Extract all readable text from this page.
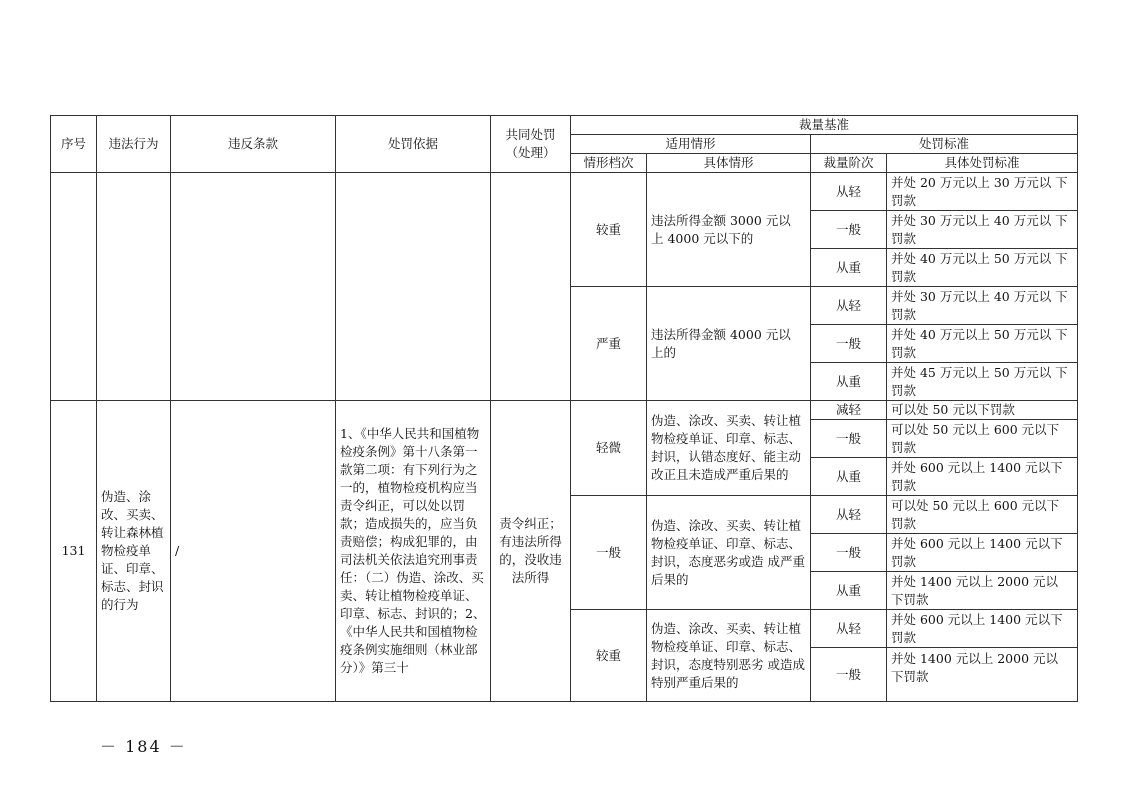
序号	违法行为	违反条款	处罚依据	共同处罚（处理）	裁量基准			
					适用情形		处罚标准	
					情形档次	具体情形	裁量阶次	具体处罚标准
					较重	违法所得金额 3000 元以 上 4000 元以下的	从轻	并处 20 万元以上 30 万元以 下罚款
							一般	并处 30 万元以上 40 万元以 下罚款
							从重	并处 40 万元以上 50 万元以 下罚款
					严重	违法所得金额 4000 元以 上的	从轻	并处 30 万元以上 40 万元以 下罚款
							一般	并处 40 万元以上 50 万元以 下罚款
							从重	并处 45 万元以上 50 万元以 下罚款
131	伪造、涂改、买卖、转让森林植物检疫单证、印章、标志、封识的行为	/	1、《中华人民共和国植物检疫条例》第十八条第一款第二项：有下列行为之一的，植物检疫机构应当责令纠正，可以处以罚款；造成损失的，应当负责赔偿；构成犯罪的，由司法机关依法追究刑事责任：（二）伪造、涂改、买卖、转让植物检疫单证、印章、标志、封识的；2、《中华人民共和国植物检疫条例实施细则（林业部分）》第三十	责令纠正；有违法所得的，没收违法所得	轻微	伪造、涂改、买卖、转让植物检疫单证、印章、标志、封识，认错态度好、能主动改正且未造成严重后果的	减轻	可以处 50 元以下罚款
							一般	可以处 50 元以上 600 元以下 罚款
							从重	并处 600 元以上 1400 元以下 罚款
					一般	伪造、涂改、买卖、转让植物检疫单证、印章、标志、封识，态度恶劣或造 成严重后果的	从轻	可以处 50 元以上 600 元以下 罚款
							一般	并处 600 元以上 1400 元以下 罚款
							从重	并处 1400 元以上 2000 元以 下罚款
					较重	伪造、涂改、买卖、转让植物检疫单证、印章、标志、封识，态度特别恶劣 或造成特别严重后果的	从轻	并处 600 元以上 1400 元以下 罚款
							一般	并处 1400 元以上 2000 元以 下罚款
－ 184 －
